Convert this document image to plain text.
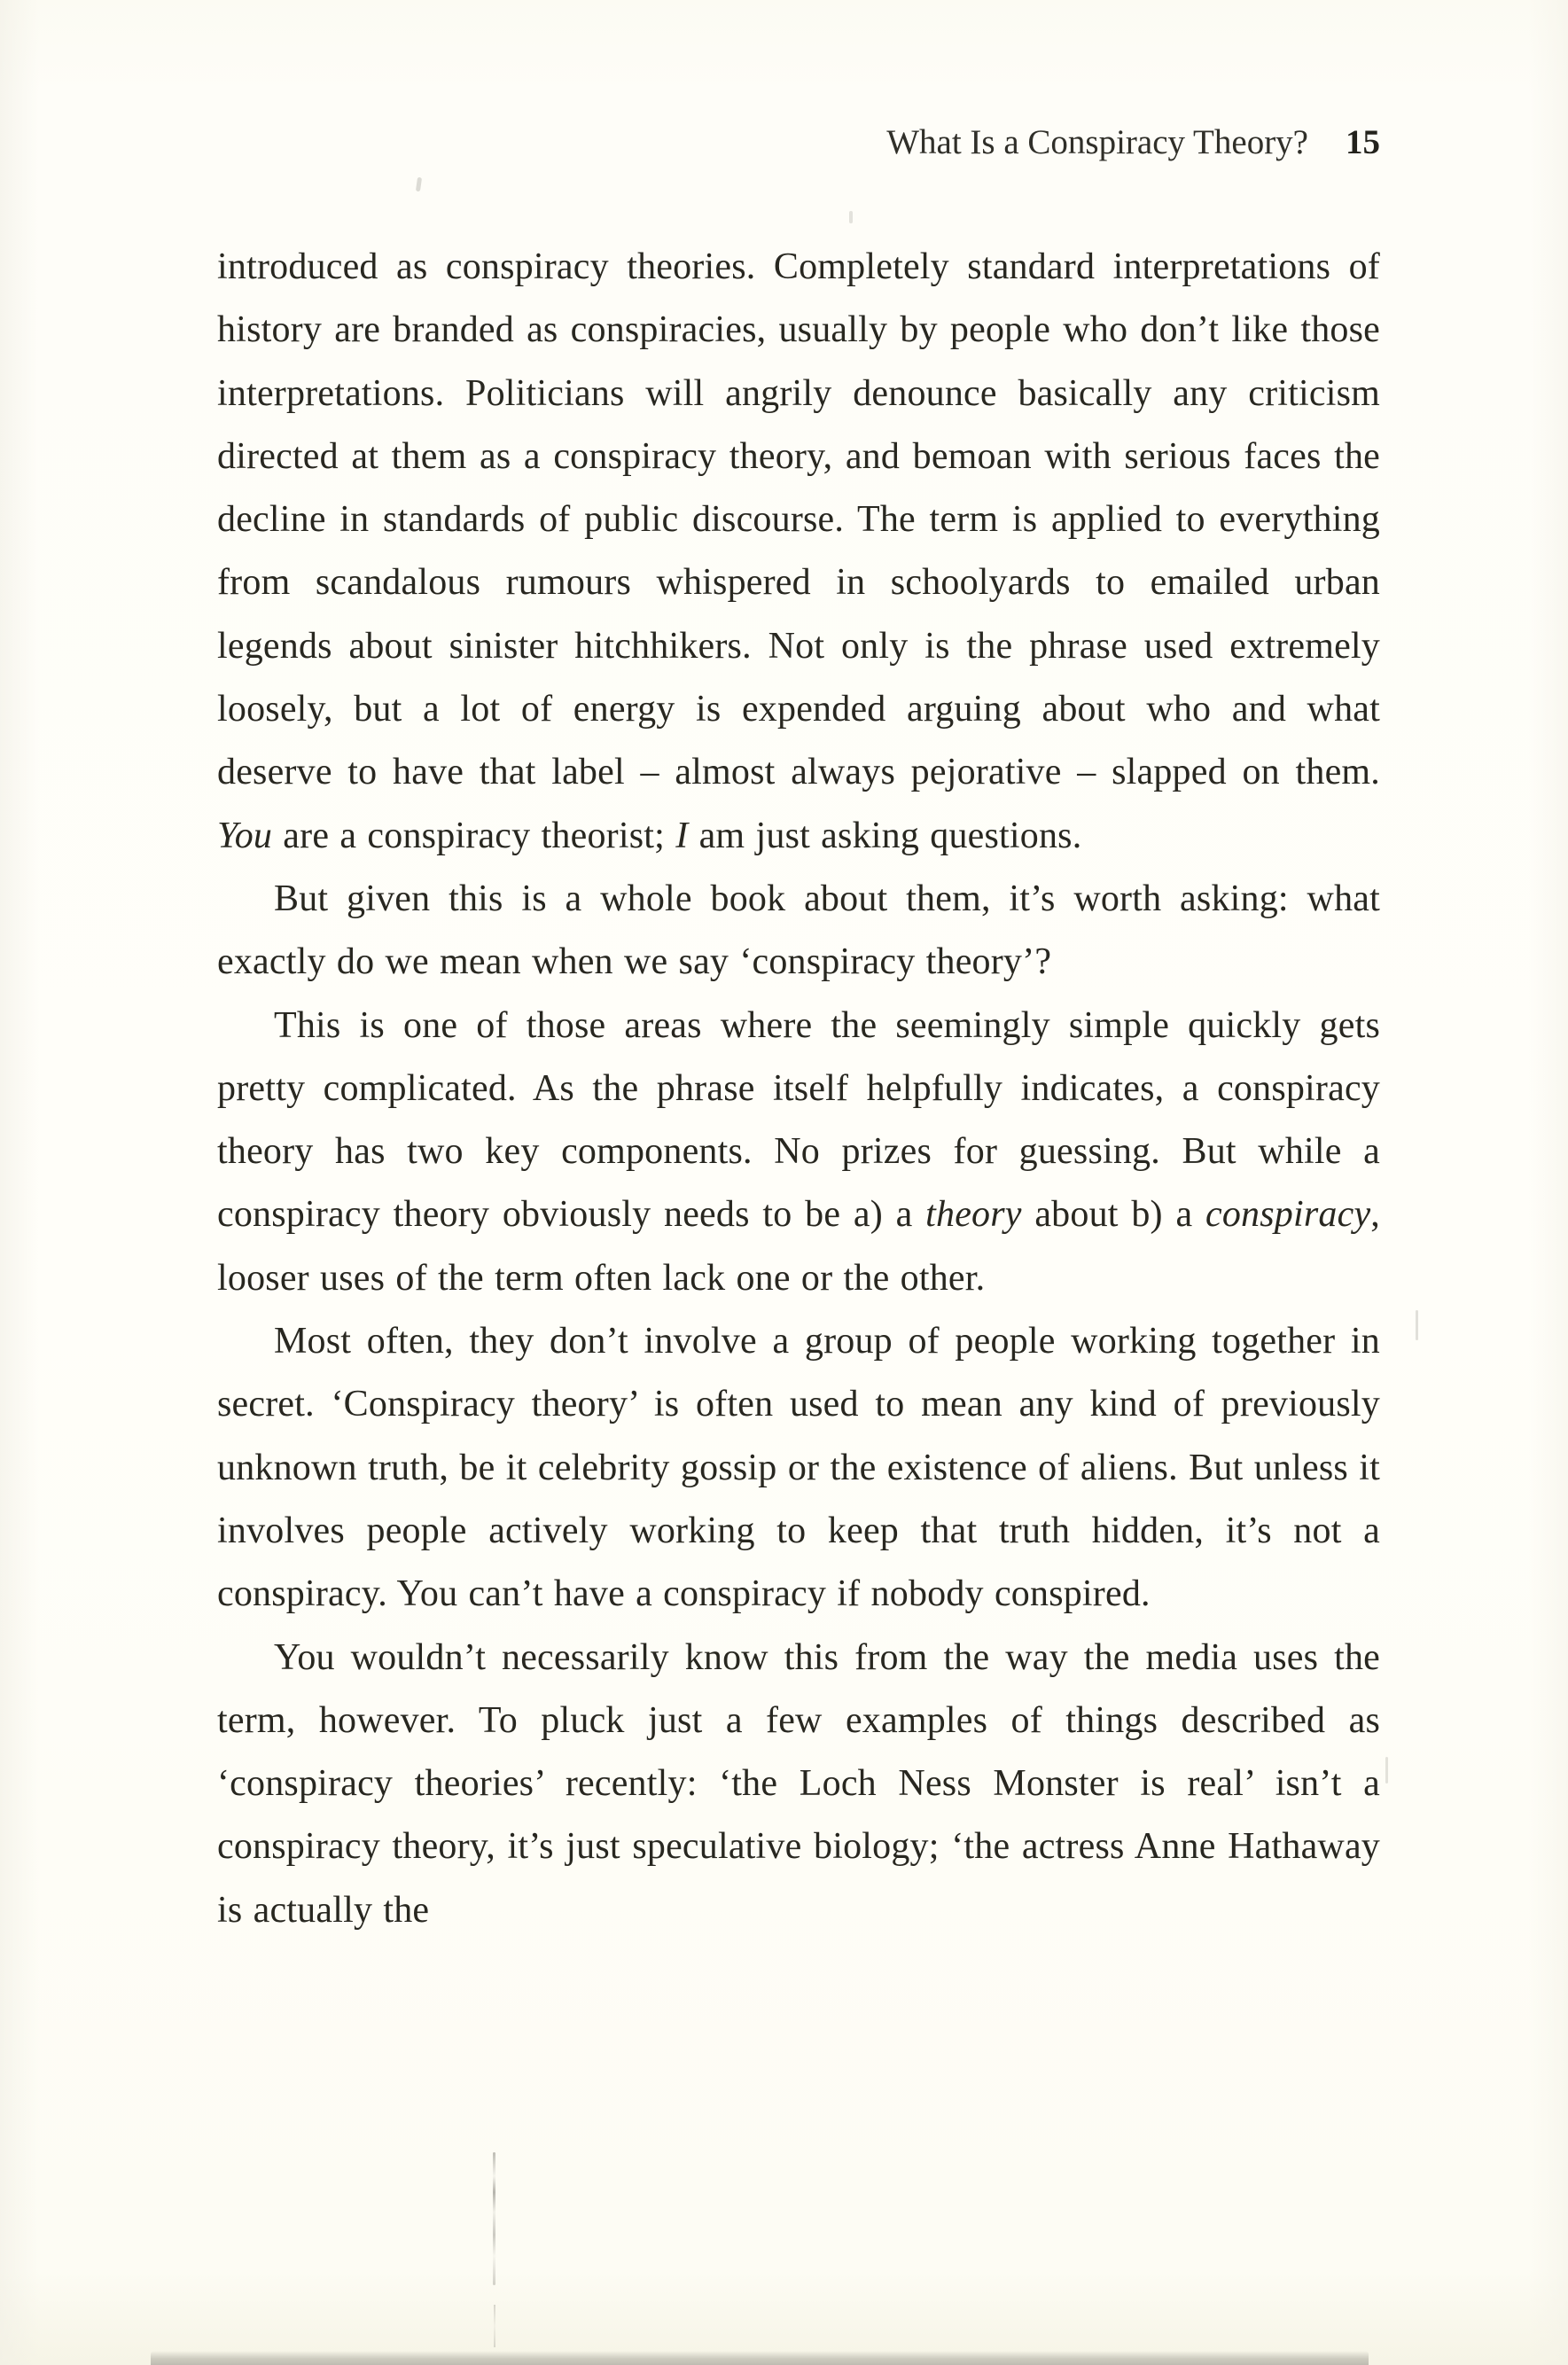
What Is a Conspiracy Theory? 15

introduced as conspiracy theories. Completely standard interpretations of history are branded as conspiracies, usually by people who don’t like those interpretations. Politicians will angrily denounce basically any criticism directed at them as a conspiracy theory, and bemoan with serious faces the decline in standards of public discourse. The term is applied to everything from scandalous rumours whispered in schoolyards to emailed urban legends about sinister hitchhikers. Not only is the phrase used extremely loosely, but a lot of energy is expended arguing about who and what deserve to have that label – almost always pejorative – slapped on them. You are a conspiracy theorist; I am just asking questions.

But given this is a whole book about them, it’s worth asking: what exactly do we mean when we say ‘conspiracy theory’?

This is one of those areas where the seemingly simple quickly gets pretty complicated. As the phrase itself helpfully indicates, a conspiracy theory has two key components. No prizes for guessing. But while a conspiracy theory obviously needs to be a) a theory about b) a conspiracy, looser uses of the term often lack one or the other.

Most often, they don’t involve a group of people working together in secret. ‘Conspiracy theory’ is often used to mean any kind of previously unknown truth, be it celebrity gossip or the existence of aliens. But unless it involves people actively working to keep that truth hidden, it’s not a conspiracy. You can’t have a conspiracy if nobody conspired.

You wouldn’t necessarily know this from the way the media uses the term, however. To pluck just a few examples of things described as ‘conspiracy theories’ recently: ‘the Loch Ness Monster is real’ isn’t a conspiracy theory, it’s just speculative biology; ‘the actress Anne Hathaway is actually the
